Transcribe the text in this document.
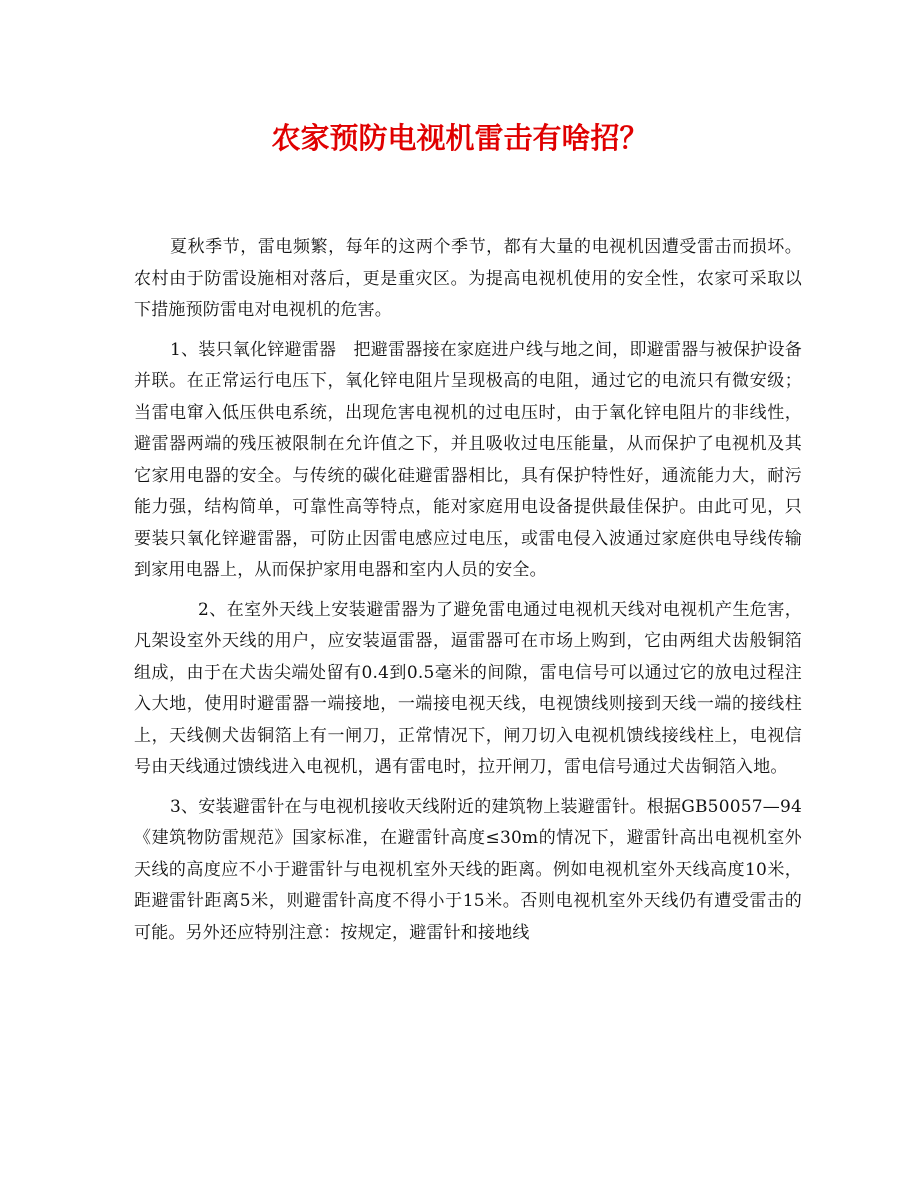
农家预防电视机雷击有啥招？

夏秋季节，雷电频繁，每年的这两个季节，都有大量的电视机因遭受雷击而损坏。农村由于防雷设施相对落后，更是重灾区。为提高电视机使用的安全性，农家可采取以下措施预防雷电对电视机的危害。

1、装只氧化锌避雷器　把避雷器接在家庭进户线与地之间，即避雷器与被保护设备并联。在正常运行电压下，氧化锌电阻片呈现极高的电阻，通过它的电流只有微安级；当雷电窜入低压供电系统，出现危害电视机的过电压时，由于氧化锌电阻片的非线性，避雷器两端的残压被限制在允许值之下，并且吸收过电压能量，从而保护了电视机及其它家用电器的安全。与传统的碳化硅避雷器相比，具有保护特性好，通流能力大，耐污能力强，结构简单，可靠性高等特点，能对家庭用电设备提供最佳保护。由此可见，只要装只氧化锌避雷器，可防止因雷电感应过电压，或雷电侵入波通过家庭供电导线传输到家用电器上，从而保护家用电器和室内人员的安全。

2、在室外天线上安装避雷器为了避免雷电通过电视机天线对电视机产生危害，凡架设室外天线的用户，应安装逼雷器，逼雷器可在市场上购到，它由两组犬齿般铜箔组成，由于在犬齿尖端处留有0.4到0.5毫米的间隙，雷电信号可以通过它的放电过程注入大地，使用时避雷器一端接地，一端接电视天线，电视馈线则接到天线一端的接线柱上，天线侧犬齿铜箔上有一闸刀，正常情况下，闸刀切入电视机馈线接线柱上，电视信号由天线通过馈线进入电视机，遇有雷电时，拉开闸刀，雷电信号通过犬齿铜箔入地。

3、安装避雷针在与电视机接收天线附近的建筑物上装避雷针。根据GB50057—94《建筑物防雷规范》国家标准，在避雷针高度≤30m的情况下，避雷针高出电视机室外天线的高度应不小于避雷针与电视机室外天线的距离。例如电视机室外天线高度10米，距避雷针距离5米，则避雷针高度不得小于15米。否则电视机室外天线仍有遭受雷击的可能。另外还应特别注意：按规定，避雷针和接地线
